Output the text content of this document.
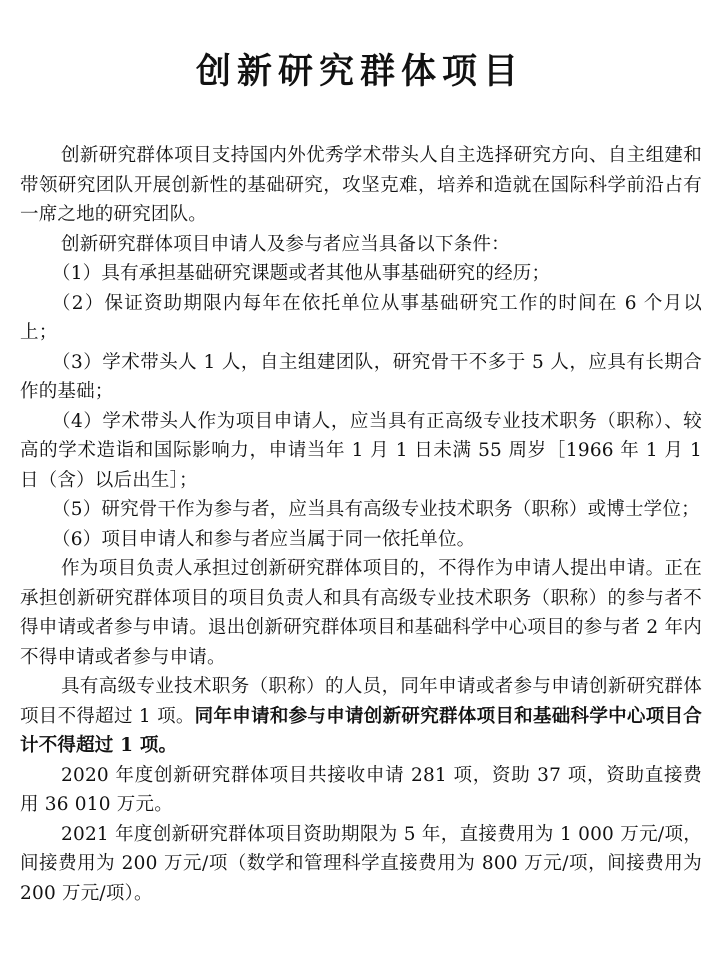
创新研究群体项目

创新研究群体项目支持国内外优秀学术带头人自主选择研究方向、自主组建和带领研究团队开展创新性的基础研究，攻坚克难，培养和造就在国际科学前沿占有一席之地的研究团队。

创新研究群体项目申请人及参与者应当具备以下条件：

（1）具有承担基础研究课题或者其他从事基础研究的经历；

（2）保证资助期限内每年在依托单位从事基础研究工作的时间在 6 个月以上；

（3）学术带头人 1 人，自主组建团队，研究骨干不多于 5 人，应具有长期合作的基础；

（4）学术带头人作为项目申请人，应当具有正高级专业技术职务（职称）、较高的学术造诣和国际影响力，申请当年 1 月 1 日未满 55 周岁［1966 年 1 月 1 日（含）以后出生］；

（5）研究骨干作为参与者，应当具有高级专业技术职务（职称）或博士学位；

（6）项目申请人和参与者应当属于同一依托单位。

作为项目负责人承担过创新研究群体项目的，不得作为申请人提出申请。正在承担创新研究群体项目的项目负责人和具有高级专业技术职务（职称）的参与者不得申请或者参与申请。退出创新研究群体项目和基础科学中心项目的参与者 2 年内不得申请或者参与申请。

具有高级专业技术职务（职称）的人员，同年申请或者参与申请创新研究群体项目不得超过 1 项。同年申请和参与申请创新研究群体项目和基础科学中心项目合计不得超过 1 项。

2020 年度创新研究群体项目共接收申请 281 项，资助 37 项，资助直接费用 36 010 万元。

2021 年度创新研究群体项目资助期限为 5 年，直接费用为 1 000 万元/项，间接费用为 200 万元/项（数学和管理科学直接费用为 800 万元/项，间接费用为 200 万元/项）。
